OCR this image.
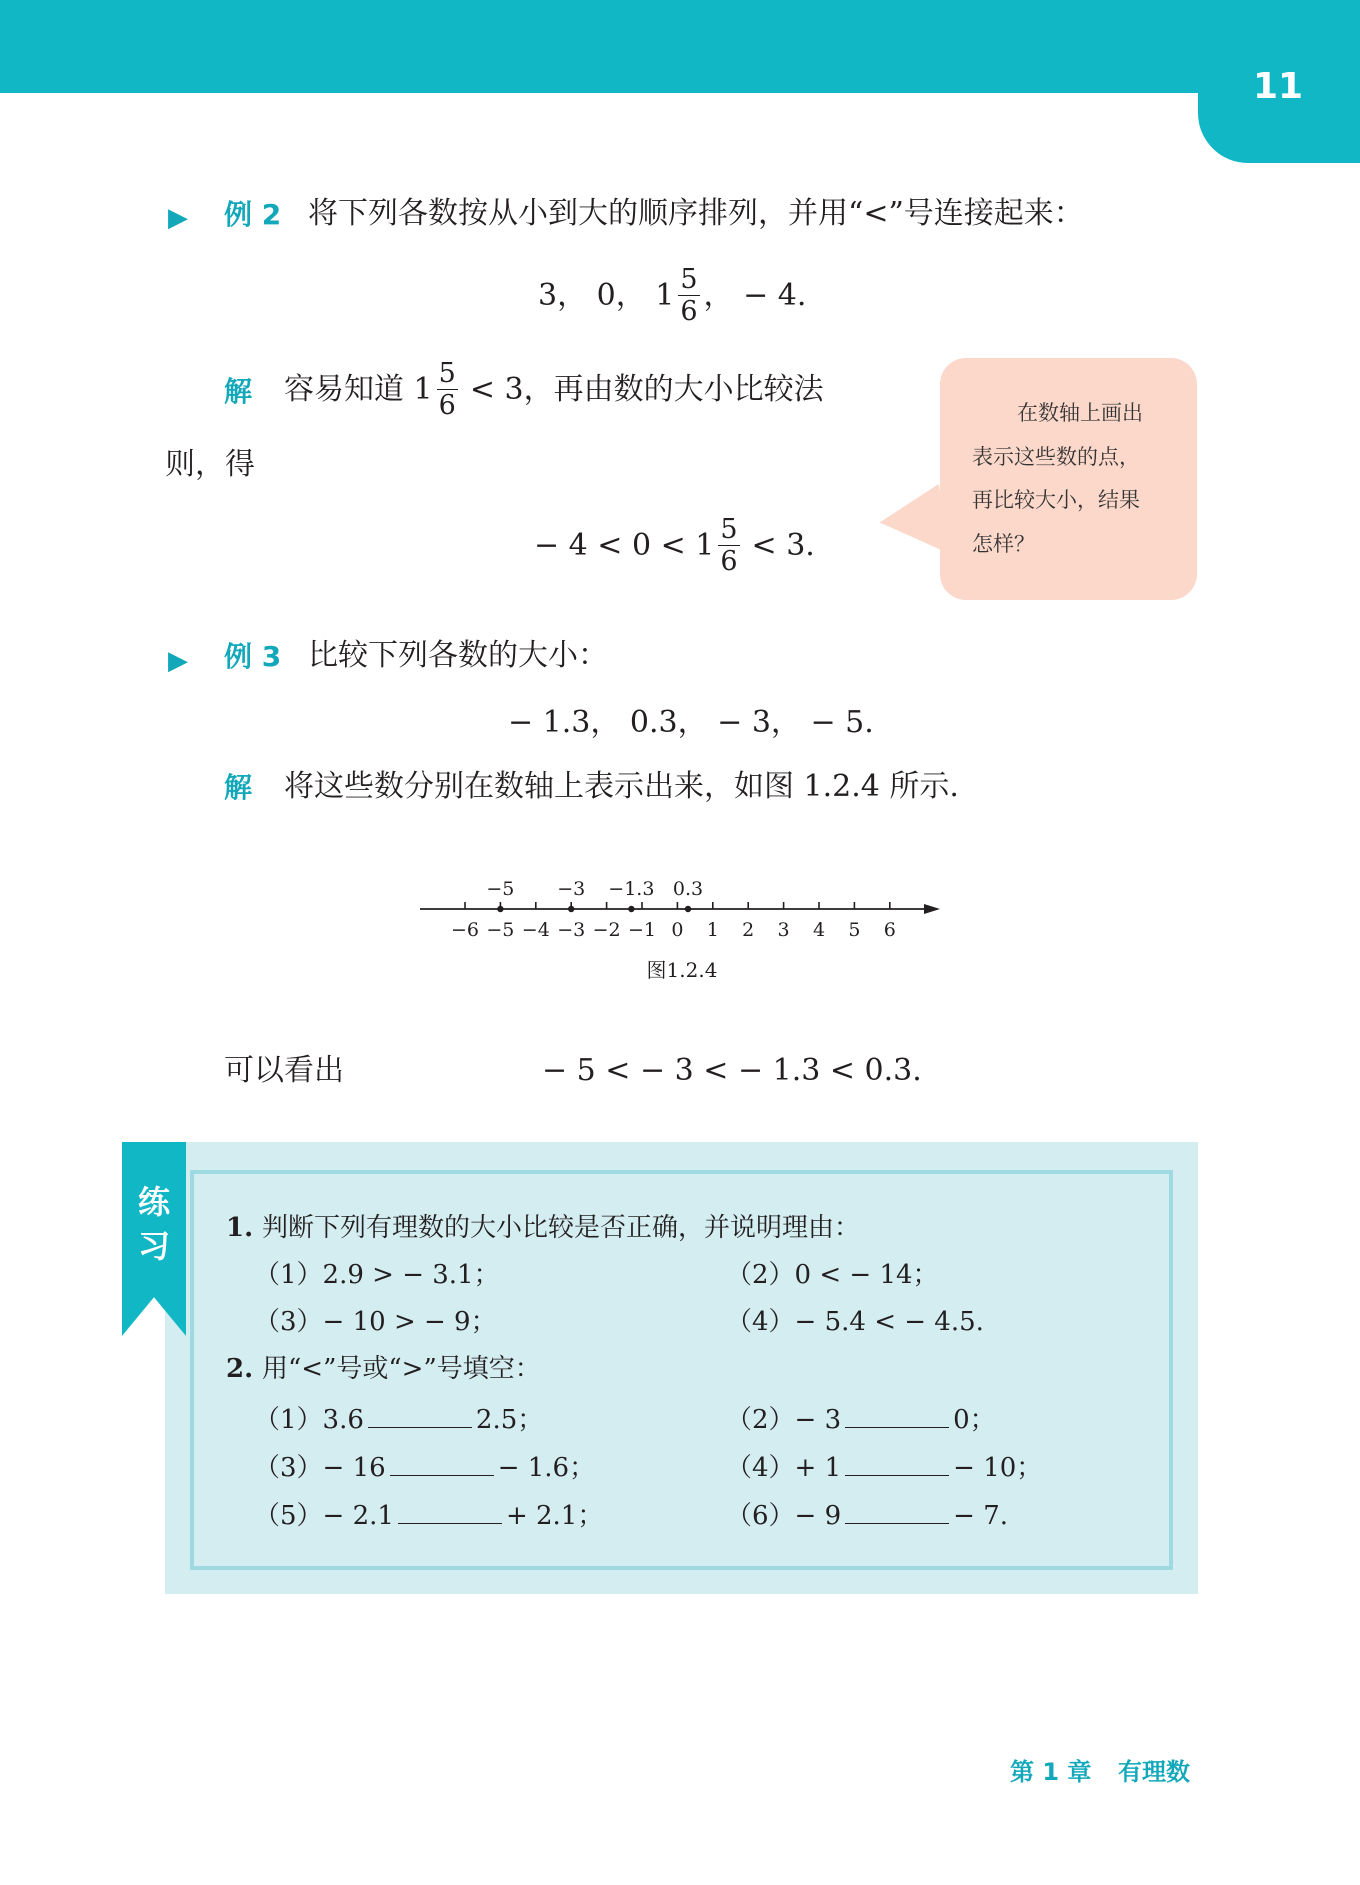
11
▶ 例 2 将下列各数按从小到大的顺序排列，并用“<”号连接起来：
3， 0， $1 \frac{5}{6}$ ， − 4.
解 容易知道 $1 \frac{5}{6} < 3$，再由数的大小比较法
则，得
− $4 < 0 < 1 \frac{5}{6} < 3$.
在数轴上画出
表示这些数的点，
再比较大小，结果
怎样？
▶ 例 3 比较下列各数的大小：
− 1.3， 0.3， − 3， − 5.
解 将这些数分别在数轴上表示出来，如图 1.2.4 所示.
−6 −5 −4 −3 −2 −1 0 1 2 3 4 5 6
−5 −3 −1.3 0.3
图1.2.4
可以看出	− 5 < − 3 < − 1.3 < 0.3.
练习 1. 判断下列有理数的大小比较是否正确，并说明理由：
（1）2.9 > − 3.1；	（2）0 < − 14；
（3）− 10 > − 9；	（4）− 5.4 < − 4.5.
2. 用“<”号或“>”号填空：
（1）3.6	2.5；	（2）− 3	0；
（3）− 16	− 1.6；	（4）+ 1	− 10；
（5）− 2.1	+ 2.1；	（6）− 9	− 7.
第 1 章 有理数
